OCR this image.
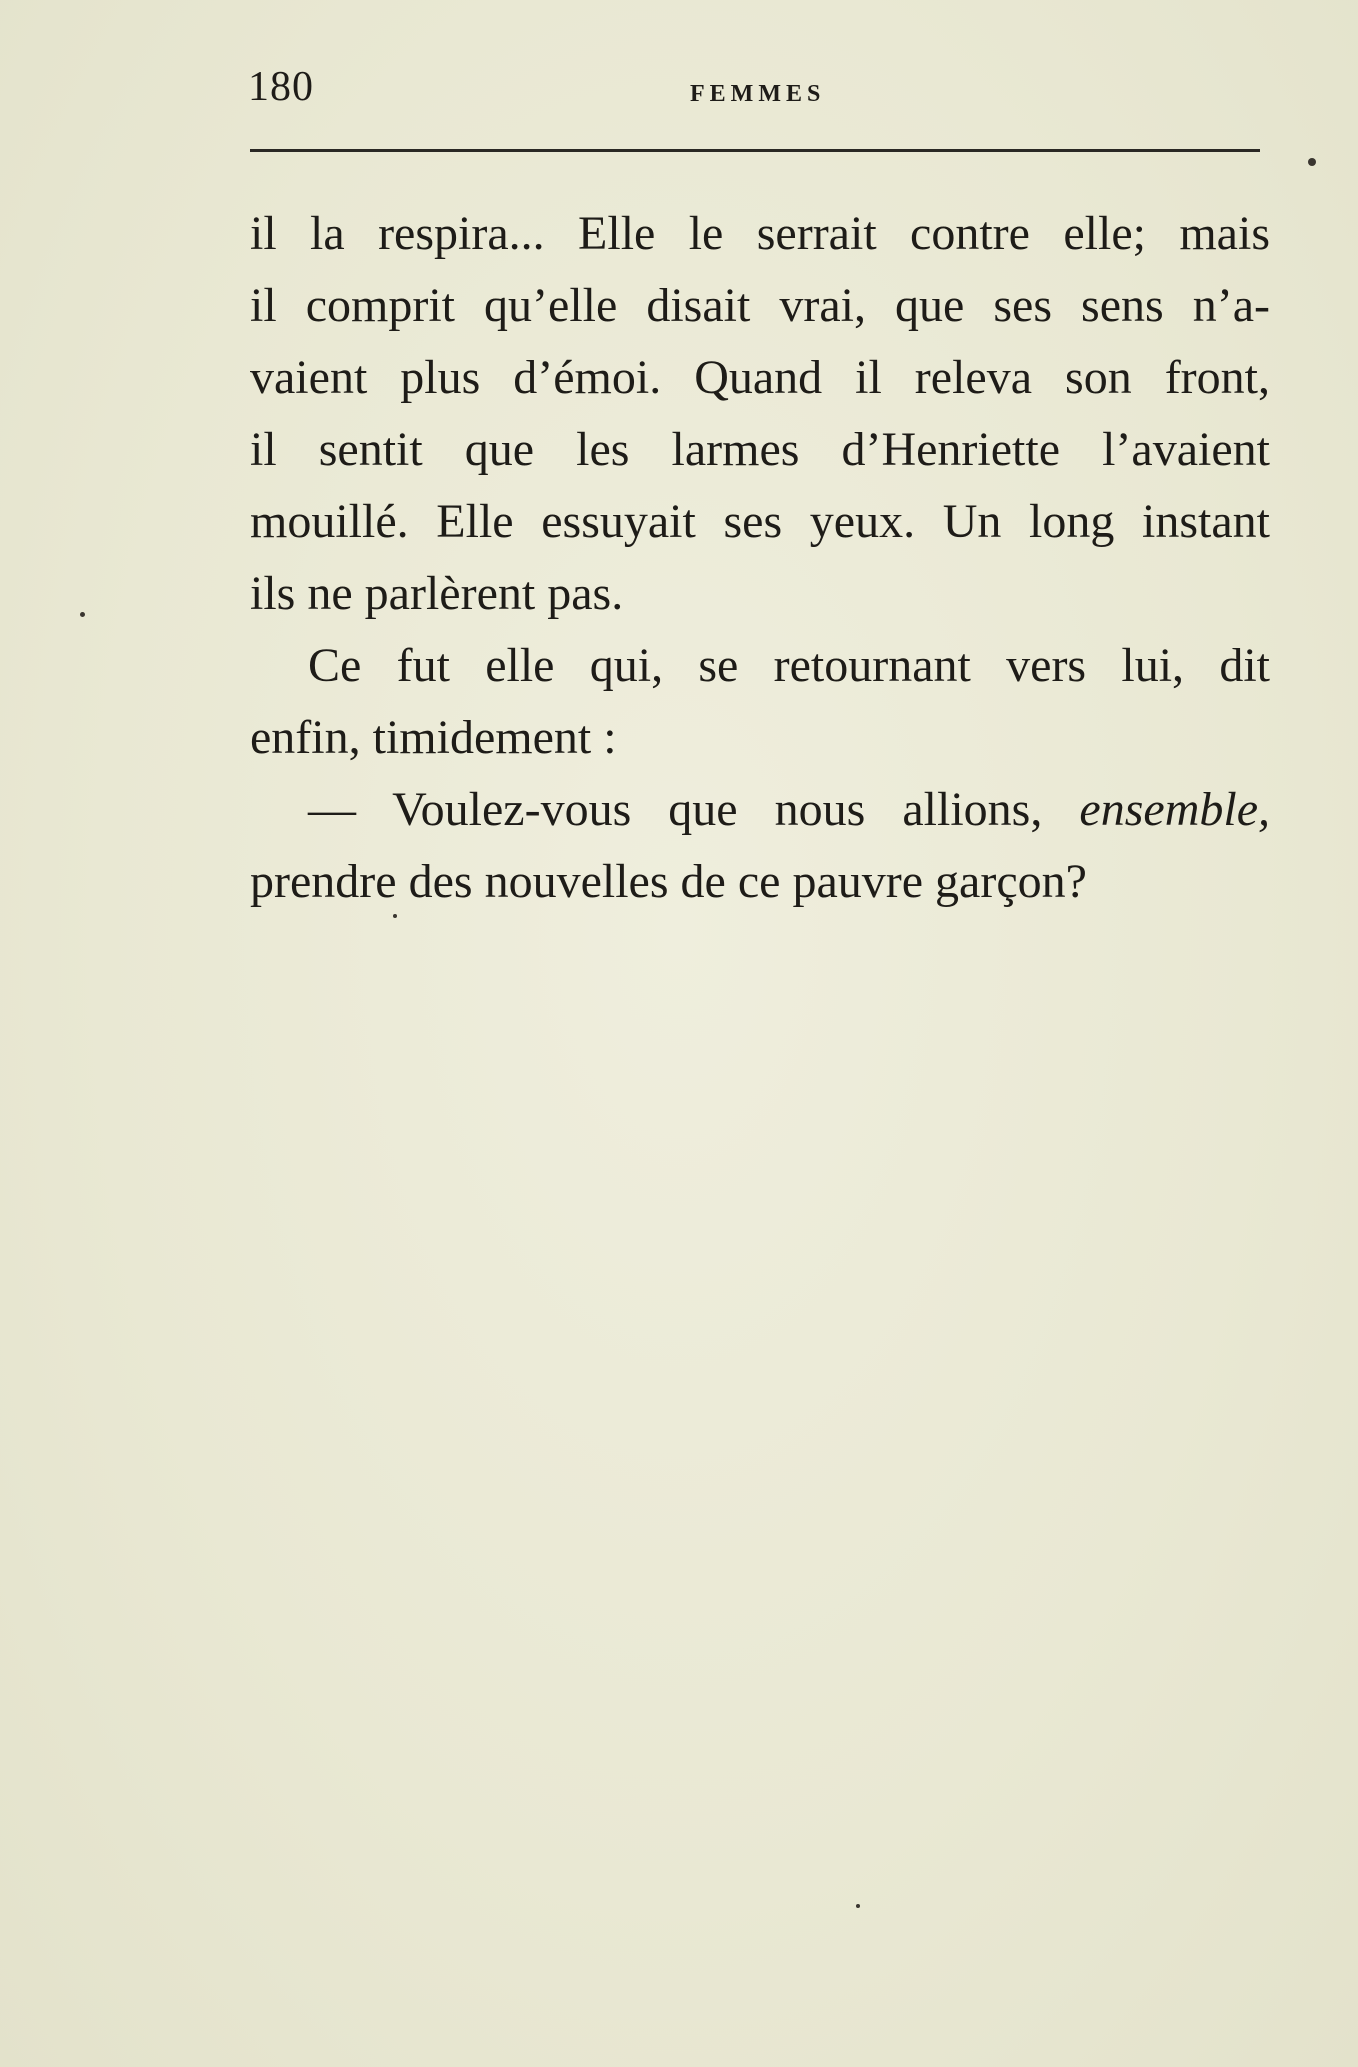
180	FEMMES
il la respira... Elle le serrait contre elle; mais
il comprit qu’elle disait vrai, que ses sens n’a-
vaient plus d’émoi. Quand il releva son front,
il sentit que les larmes d’Henriette l’avaient
mouillé. Elle essuyait ses yeux. Un long instant
ils ne parlèrent pas.
Ce fut elle qui, se retournant vers lui, dit
enfin, timidement :
— Voulez-vous que nous allions, ensemble,
prendre des nouvelles de ce pauvre garçon?
